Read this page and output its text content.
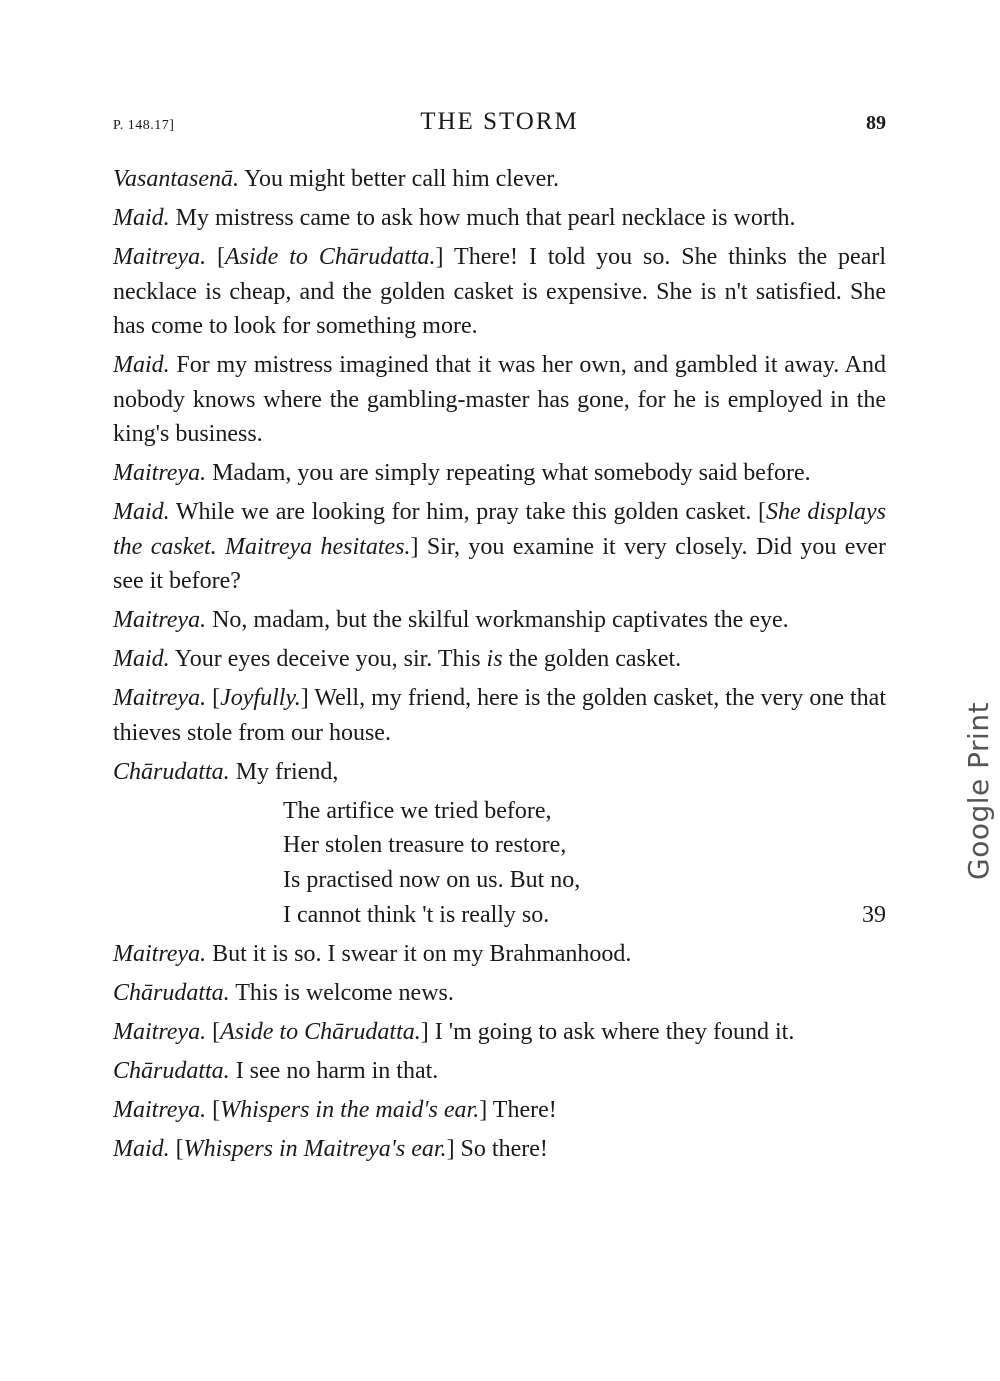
P. 148.17]	THE STORM	89
Vasantasenā. You might better call him clever.
Maid. My mistress came to ask how much that pearl necklace is worth.
Maitreya. [Aside to Chārudatta.] There! I told you so. She thinks the pearl necklace is cheap, and the golden casket is expensive. She is n't satisfied. She has come to look for something more.
Maid. For my mistress imagined that it was her own, and gambled it away. And nobody knows where the gambling-master has gone, for he is employed in the king's business.
Maitreya. Madam, you are simply repeating what somebody said before.
Maid. While we are looking for him, pray take this golden casket. [She displays the casket. Maitreya hesitates.] Sir, you examine it very closely. Did you ever see it before?
Maitreya. No, madam, but the skilful workmanship captivates the eye.
Maid. Your eyes deceive you, sir. This is the golden casket.
Maitreya. [Joyfully.] Well, my friend, here is the golden casket, the very one that thieves stole from our house.
Chārudatta. My friend,
The artifice we tried before,
Her stolen treasure to restore,
Is practised now on us. But no,
I cannot think 't is really so.	39
Maitreya. But it is so. I swear it on my Brahmanhood.
Chārudatta. This is welcome news.
Maitreya. [Aside to Chārudatta.] I 'm going to ask where they found it.
Chārudatta. I see no harm in that.
Maitreya. [Whispers in the maid's ear.] There!
Maid. [Whispers in Maitreya's ear.] So there!
Google Print
